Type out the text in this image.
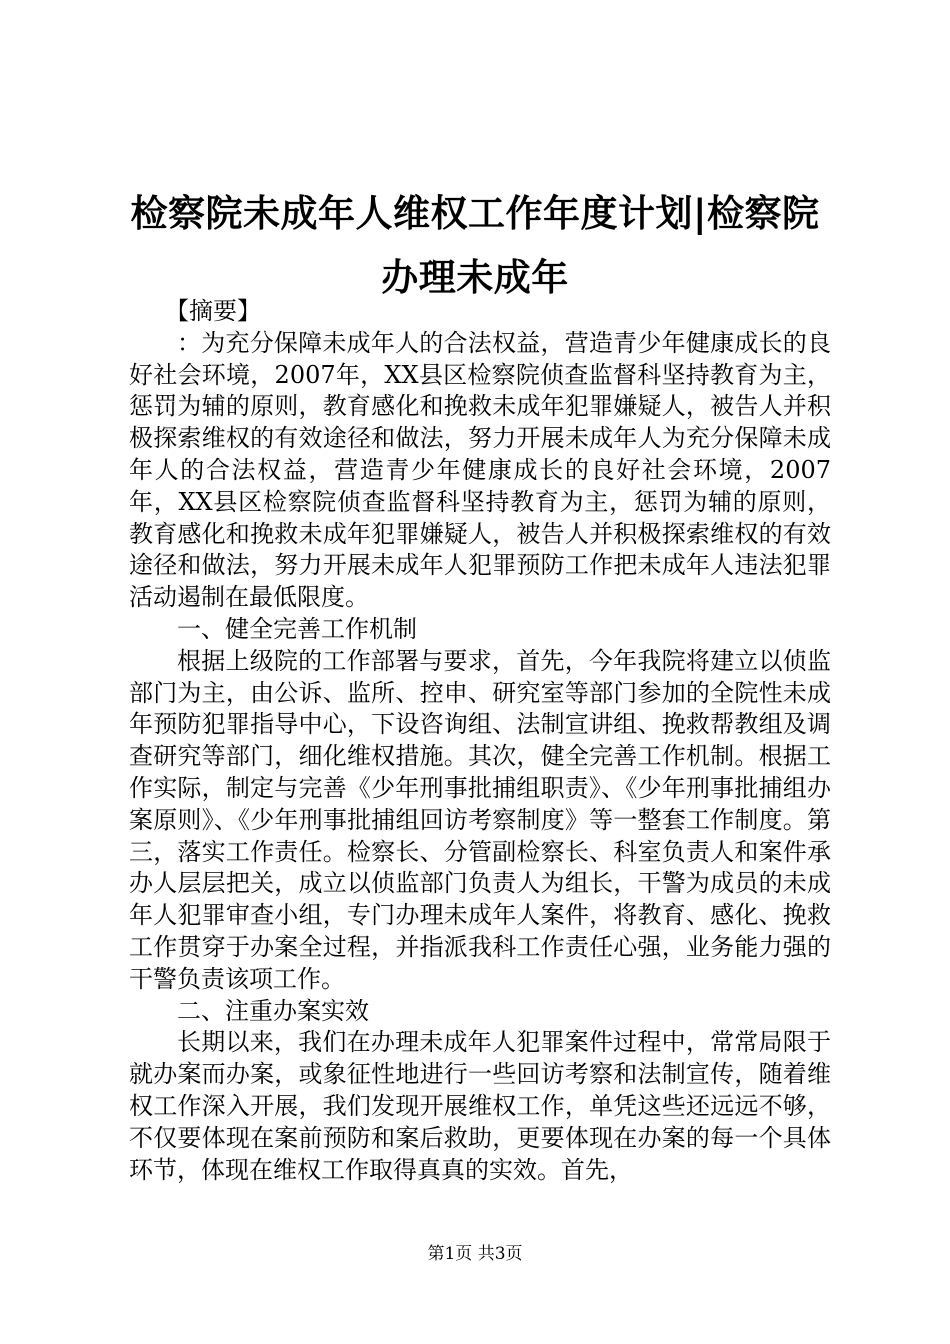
检察院未成年人维权工作年度计划|检察院办理未成年

【摘要】

：为充分保障未成年人的合法权益，营造青少年健康成长的良好社会环境，2007年，XX县区检察院侦查监督科坚持教育为主，惩罚为辅的原则，教育感化和挽救未成年犯罪嫌疑人，被告人并积极探索维权的有效途径和做法，努力开展未成年人为充分保障未成年人的合法权益，营造青少年健康成长的良好社会环境，2007年，XX县区检察院侦查监督科坚持教育为主，惩罚为辅的原则，教育感化和挽救未成年犯罪嫌疑人，被告人并积极探索维权的有效途径和做法，努力开展未成年人犯罪预防工作把未成年人违法犯罪活动遏制在最低限度。

一、健全完善工作机制

根据上级院的工作部署与要求，首先，今年我院将建立以侦监部门为主，由公诉、监所、控申、研究室等部门参加的全院性未成年预防犯罪指导中心，下设咨询组、法制宣讲组、挽救帮教组及调查研究等部门，细化维权措施。其次，健全完善工作机制。根据工作实际，制定与完善《少年刑事批捕组职责》、《少年刑事批捕组办案原则》、《少年刑事批捕组回访考察制度》等一整套工作制度。第三，落实工作责任。检察长、分管副检察长、科室负责人和案件承办人层层把关，成立以侦监部门负责人为组长，干警为成员的未成年人犯罪审查小组，专门办理未成年人案件，将教育、感化、挽救工作贯穿于办案全过程，并指派我科工作责任心强，业务能力强的干警负责该项工作。

二、注重办案实效

长期以来，我们在办理未成年人犯罪案件过程中，常常局限于就办案而办案，或象征性地进行一些回访考察和法制宣传，随着维权工作深入开展，我们发现开展维权工作，单凭这些还远远不够，不仅要体现在案前预防和案后救助，更要体现在办案的每一个具体环节，体现在维权工作取得真真的实效。首先，

第1页 共3页
